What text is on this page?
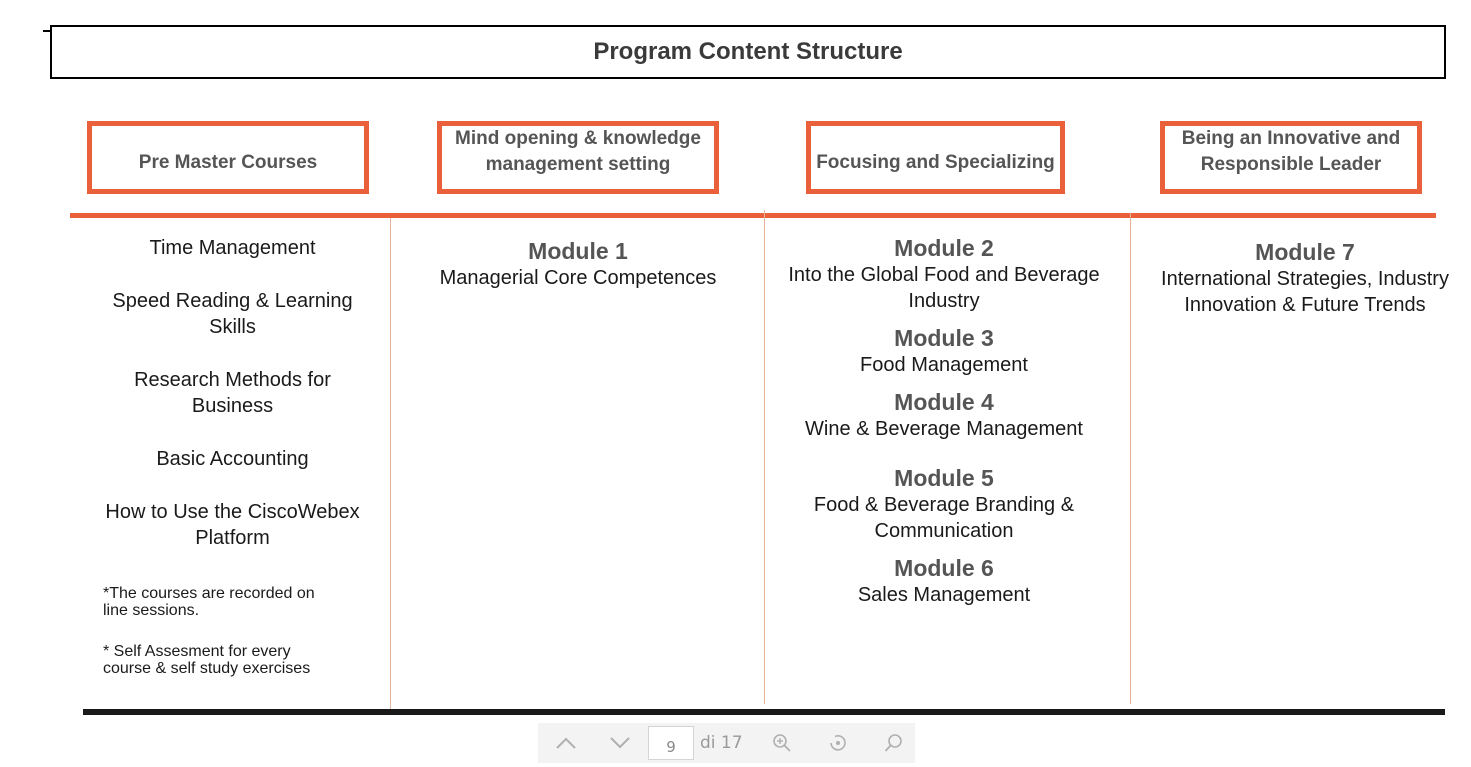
Program Content Structure
Pre Master Courses
Mind opening & knowledge management setting	Focusing and Specializing
Being an Innovative and Responsible Leader
Time Management
Speed Reading & Learning Skills
Research Methods for Business
Basic Accounting
How to Use the CiscoWebex Platform
*The courses are recorded on line sessions.
* Self Assesment for every course & self study exercises
Module 1
Managerial Core Competences
Module 2
Into the Global Food and Beverage Industry
Module 3
Food Management
Module 4
Wine & Beverage Management
Module 5
Food & Beverage Branding & Communication
Module 6
Sales Management
Module 7
International Strategies, Industry Innovation & Future Trends
9	di 17
